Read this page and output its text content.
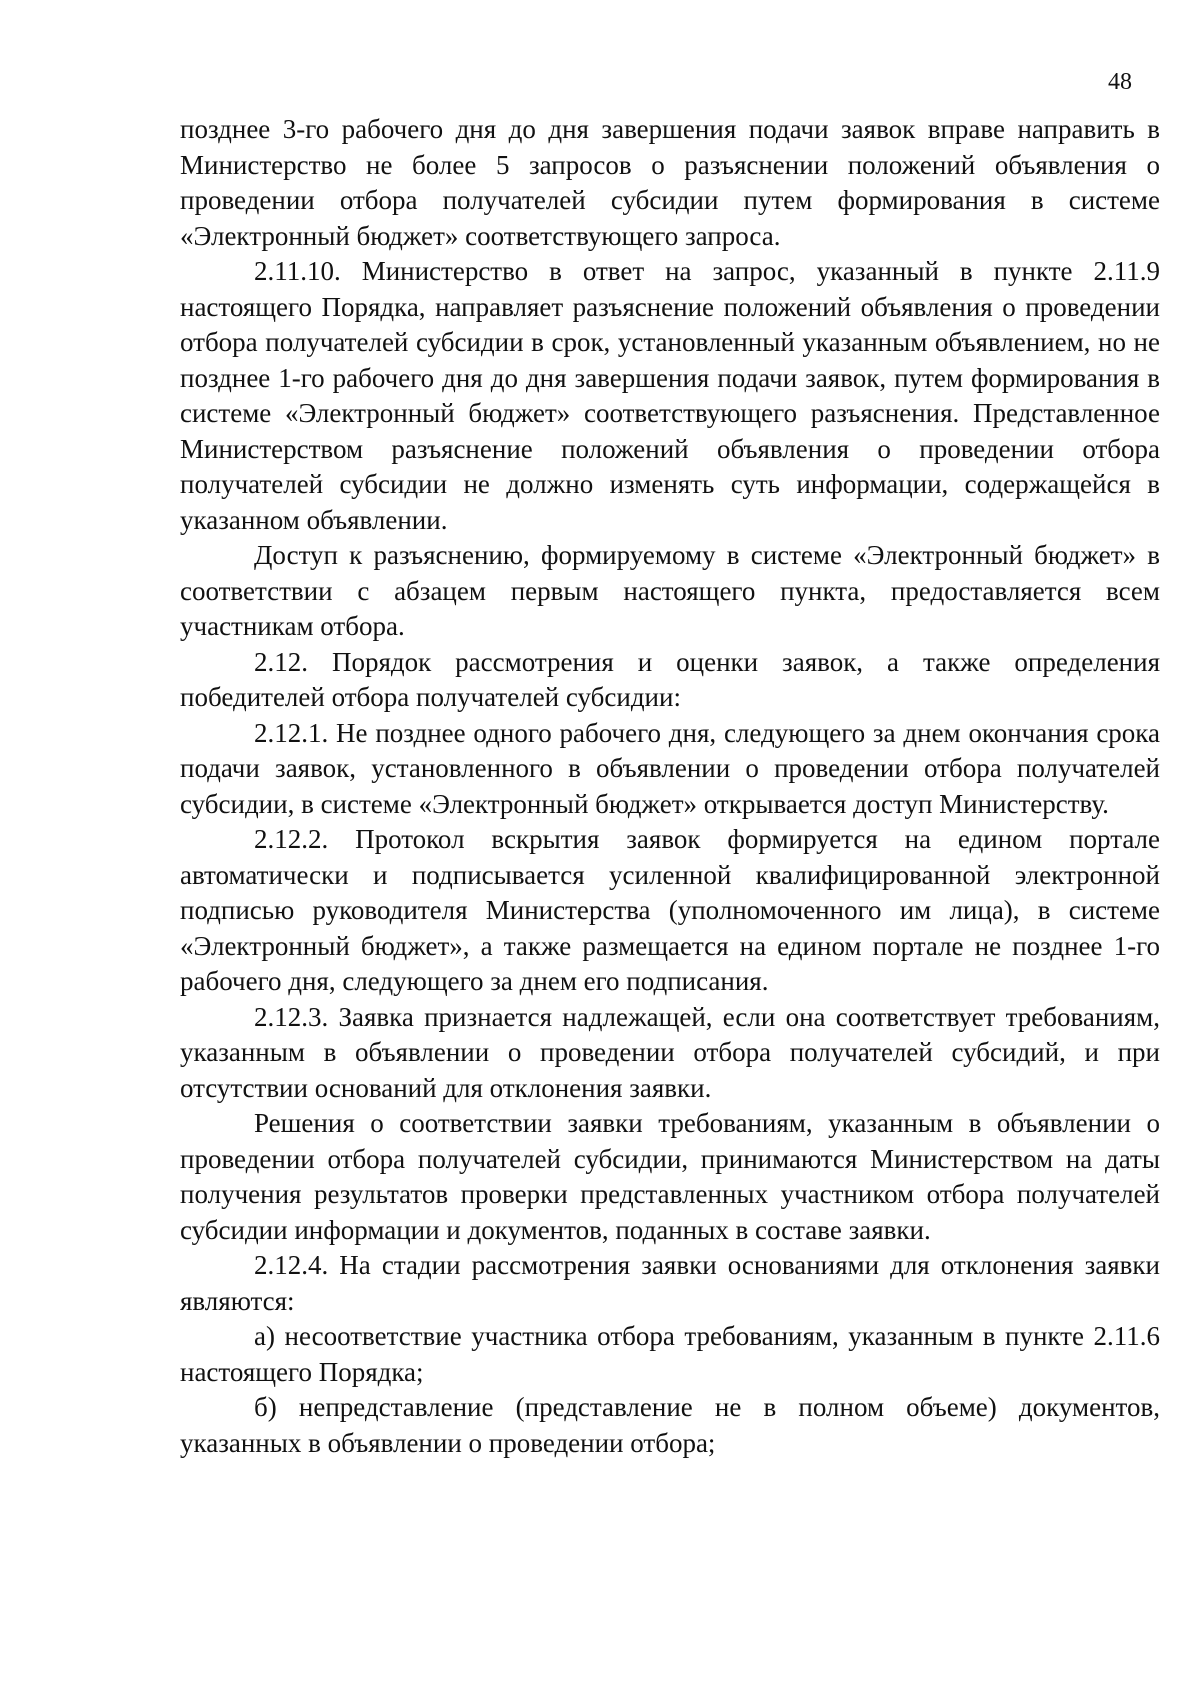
48

позднее 3-го рабочего дня до дня завершения подачи заявок вправе направить в Министерство не более 5 запросов о разъяснении положений объявления о проведении отбора получателей субсидии путем формирования в системе «Электронный бюджет» соответствующего запроса.

2.11.10. Министерство в ответ на запрос, указанный в пункте 2.11.9 настоящего Порядка, направляет разъяснение положений объявления о проведении отбора получателей субсидии в срок, установленный указанным объявлением, но не позднее 1-го рабочего дня до дня завершения подачи заявок, путем формирования в системе «Электронный бюджет» соответствующего разъяснения. Представленное Министерством разъяснение положений объявления о проведении отбора получателей субсидии не должно изменять суть информации, содержащейся в указанном объявлении.

Доступ к разъяснению, формируемому в системе «Электронный бюджет» в соответствии с абзацем первым настоящего пункта, предоставляется всем участникам отбора.

2.12. Порядок рассмотрения и оценки заявок, а также определения победителей отбора получателей субсидии:

2.12.1. Не позднее одного рабочего дня, следующего за днем окончания срока подачи заявок, установленного в объявлении о проведении отбора получателей субсидии, в системе «Электронный бюджет» открывается доступ Министерству.

2.12.2. Протокол вскрытия заявок формируется на едином портале автоматически и подписывается усиленной квалифицированной электронной подписью руководителя Министерства (уполномоченного им лица), в системе «Электронный бюджет», а также размещается на едином портале не позднее 1-го рабочего дня, следующего за днем его подписания.

2.12.3. Заявка признается надлежащей, если она соответствует требованиям, указанным в объявлении о проведении отбора получателей субсидий, и при отсутствии оснований для отклонения заявки.

Решения о соответствии заявки требованиям, указанным в объявлении о проведении отбора получателей субсидии, принимаются Министерством на даты получения результатов проверки представленных участником отбора получателей субсидии информации и документов, поданных в составе заявки.

2.12.4. На стадии рассмотрения заявки основаниями для отклонения заявки являются:

а) несоответствие участника отбора требованиям, указанным в пункте 2.11.6 настоящего Порядка;

б) непредставление (представление не в полном объеме) документов, указанных в объявлении о проведении отбора;
